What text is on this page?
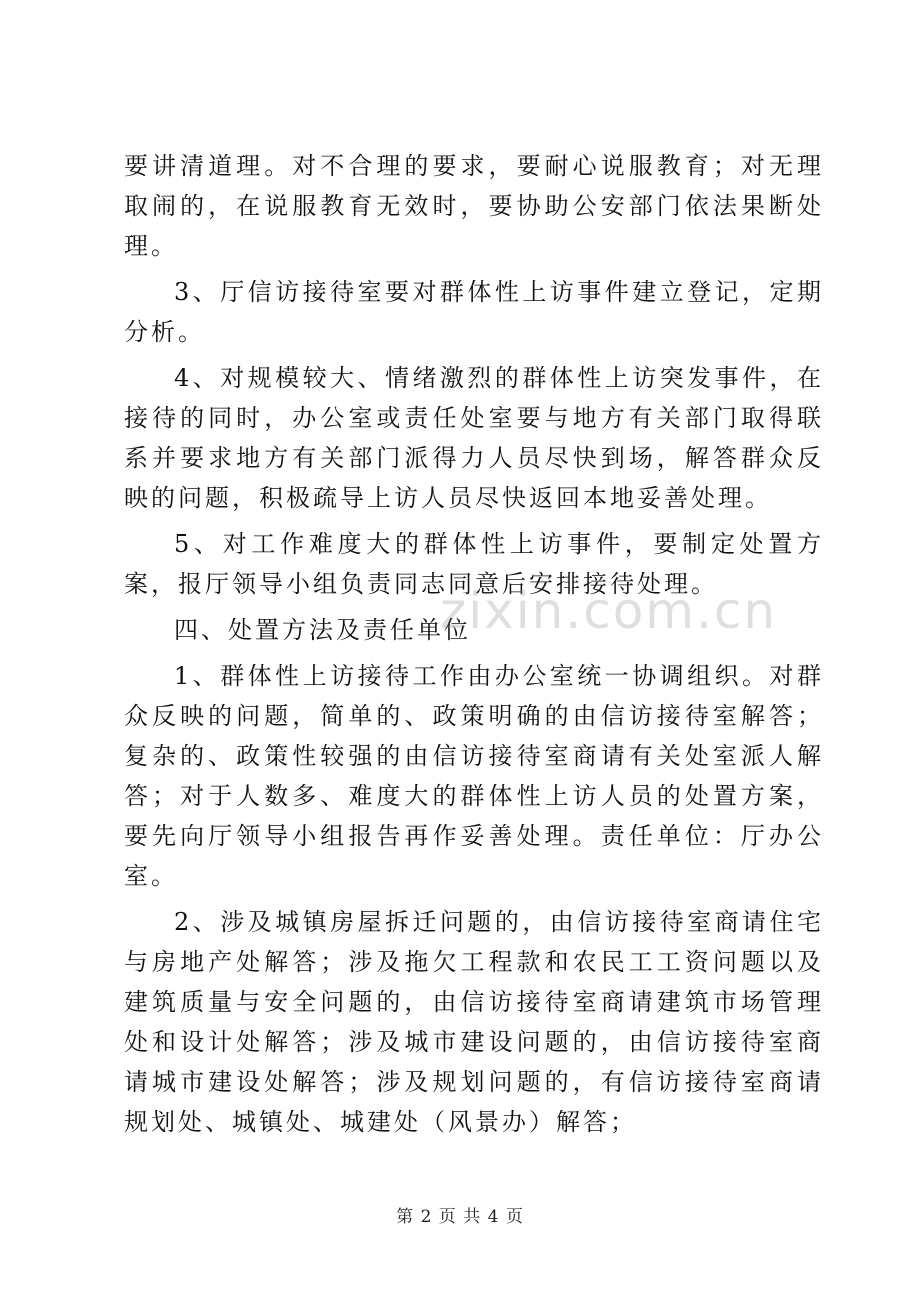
要讲清道理。对不合理的要求，要耐心说服教育；对无理取闹的，在说服教育无效时，要协助公安部门依法果断处理。

3、厅信访接待室要对群体性上访事件建立登记，定期分析。

4、对规模较大、情绪激烈的群体性上访突发事件，在接待的同时，办公室或责任处室要与地方有关部门取得联系并要求地方有关部门派得力人员尽快到场，解答群众反映的问题，积极疏导上访人员尽快返回本地妥善处理。

5、对工作难度大的群体性上访事件，要制定处置方案，报厅领导小组负责同志同意后安排接待处理。

四、处置方法及责任单位

1、群体性上访接待工作由办公室统一协调组织。对群众反映的问题，简单的、政策明确的由信访接待室解答；复杂的、政策性较强的由信访接待室商请有关处室派人解答；对于人数多、难度大的群体性上访人员的处置方案，要先向厅领导小组报告再作妥善处理。责任单位：厅办公室。

2、涉及城镇房屋拆迁问题的，由信访接待室商请住宅与房地产处解答；涉及拖欠工程款和农民工工资问题以及建筑质量与安全问题的，由信访接待室商请建筑市场管理处和设计处解答；涉及城市建设问题的，由信访接待室商请城市建设处解答；涉及规划问题的，有信访接待室商请规划处、城镇处、城建处（风景办）解答；

zixin.com.cn
第 2 页 共 4 页
